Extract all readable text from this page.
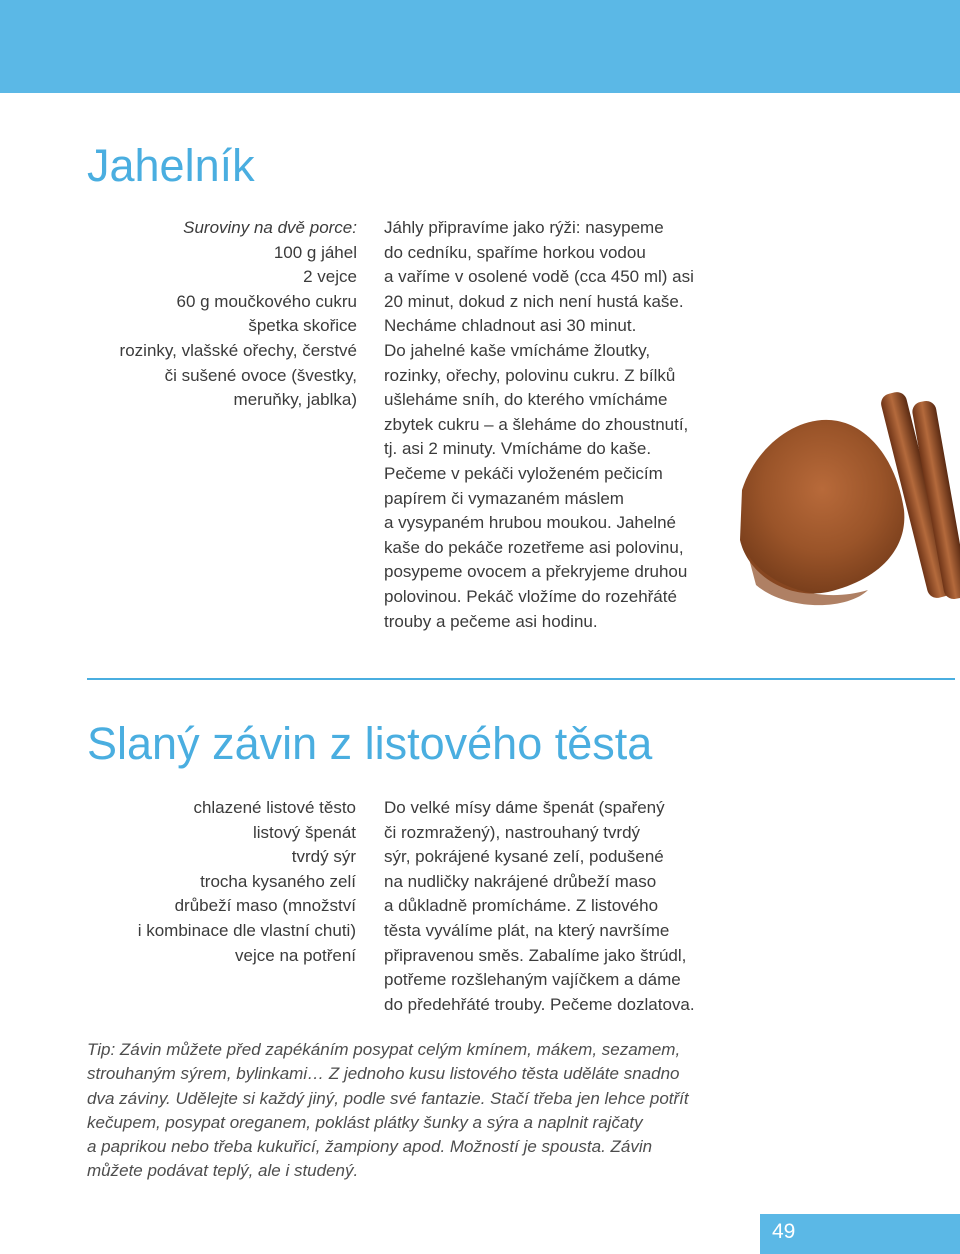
Jahelník
Suroviny na dvě porce:
100 g jáhel
2 vejce
60 g moučkového cukru
špetka skořice
rozinky, vlašské ořechy, čerstvé
či sušené ovoce (švestky,
meruňky, jablka)
Jáhly připravíme jako rýži: nasypeme
do cedníku, spaříme horkou vodou
a vaříme v osolené vodě (cca 450 ml) asi
20 minut, dokud z nich není hustá kaše.
Necháme chladnout asi 30 minut.
Do jahelné kaše vmícháme žloutky,
rozinky, ořechy, polovinu cukru. Z bílků
ušleháme sníh, do kterého vmícháme
zbytek cukru – a šleháme do zhoustnutí,
tj. asi 2 minuty. Vmícháme do kaše.
Pečeme v pekáči vyloženém pečicím
papírem či vymazaném máslem
a vysypaném hrubou moukou. Jahelné
kaše do pekáče rozetřeme asi polovinu,
posypeme ovocem a překryjeme druhou
polovinou. Pekáč vložíme do rozehřáté
trouby a pečeme asi hodinu.
Slaný závin z listového těsta
chlazené listové těsto
listový špenát
tvrdý sýr
trocha kysaného zelí
drůbeží maso (množství
i kombinace dle vlastní chuti)
vejce na potření
Do velké mísy dáme špenát (spařený
či rozmražený), nastrouhaný tvrdý
sýr, pokrájené kysané zelí, podušené
na nudličky nakrájené drůbeží maso
a důkladně promícháme. Z listového
těsta vyválíme plát, na který navršíme
připravenou směs. Zabalíme jako štrúdl,
potřeme rozšlehaným vajíčkem a dáme
do předehřáté trouby. Pečeme dozlatova.
Tip: Závin můžete před zapékáním posypat celým kmínem, mákem, sezamem,
strouhaným sýrem, bylinkami… Z jednoho kusu listového těsta uděláte snadno
dva záviny. Udělejte si každý jiný, podle své fantazie. Stačí třeba jen lehce potřít
kečupem, posypat oreganem, poklást plátky šunky a sýra a naplnit rajčaty
a paprikou nebo třeba kukuřicí, žampiony apod. Možností je spousta. Závin
můžete podávat teplý, ale i studený.
49
